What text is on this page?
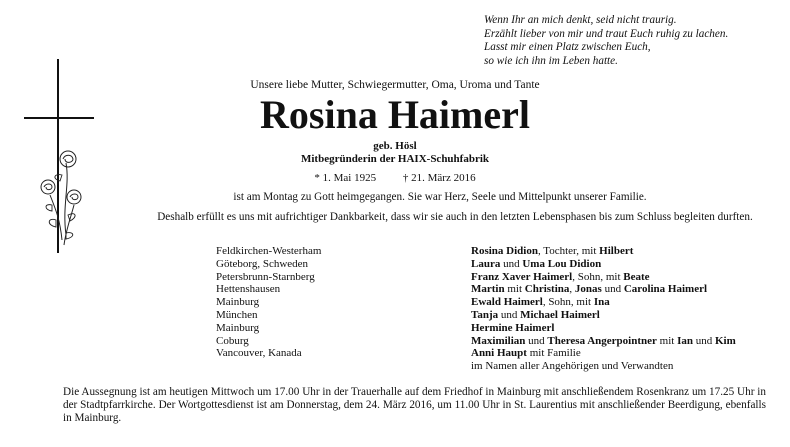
Wenn Ihr an mich denkt, seid nicht traurig.
Erzählt lieber von mir und traut Euch ruhig zu lachen.
Lasst mir einen Platz zwischen Euch,
so wie ich ihn im Leben hatte.
Unsere liebe Mutter, Schwiegermutter, Oma, Uroma und Tante
Rosina Haimerl
geb. Hösl
Mitbegründerin der HAIX-Schuhfabrik
* 1. Mai 1925 † 21. März 2016
ist am Montag zu Gott heimgegangen. Sie war Herz, Seele und Mittelpunkt unserer Familie.
Deshalb erfüllt es uns mit aufrichtiger Dankbarkeit, dass wir sie auch in den letzten Lebensphasen bis zum Schluss begleiten durften.
Feldkirchen-Westerham
Göteborg, Schweden
Petersbrunn-Starnberg
Hettenshausen
Mainburg
München
Mainburg
Coburg
Vancouver, Kanada
Rosina Didion, Tochter, mit Hilbert
Laura und Uma Lou Didion
Franz Xaver Haimerl, Sohn, mit Beate
Martin mit Christina, Jonas und Carolina Haimerl
Ewald Haimerl, Sohn, mit Ina
Tanja und Michael Haimerl
Hermine Haimerl
Maximilian und Theresa Angerpointner mit Ian und Kim
Anni Haupt mit Familie
im Namen aller Angehörigen und Verwandten
Die Aussegnung ist am heutigen Mittwoch um 17.00 Uhr in der Trauerhalle auf dem Friedhof in Mainburg mit anschließendem Rosenkranz um 17.25 Uhr in der Stadtpfarrkirche. Der Wortgottesdienst ist am Donnerstag, dem 24. März 2016, um 11.00 Uhr in St. Laurentius mit anschließender Beerdigung, ebenfalls in Mainburg.
